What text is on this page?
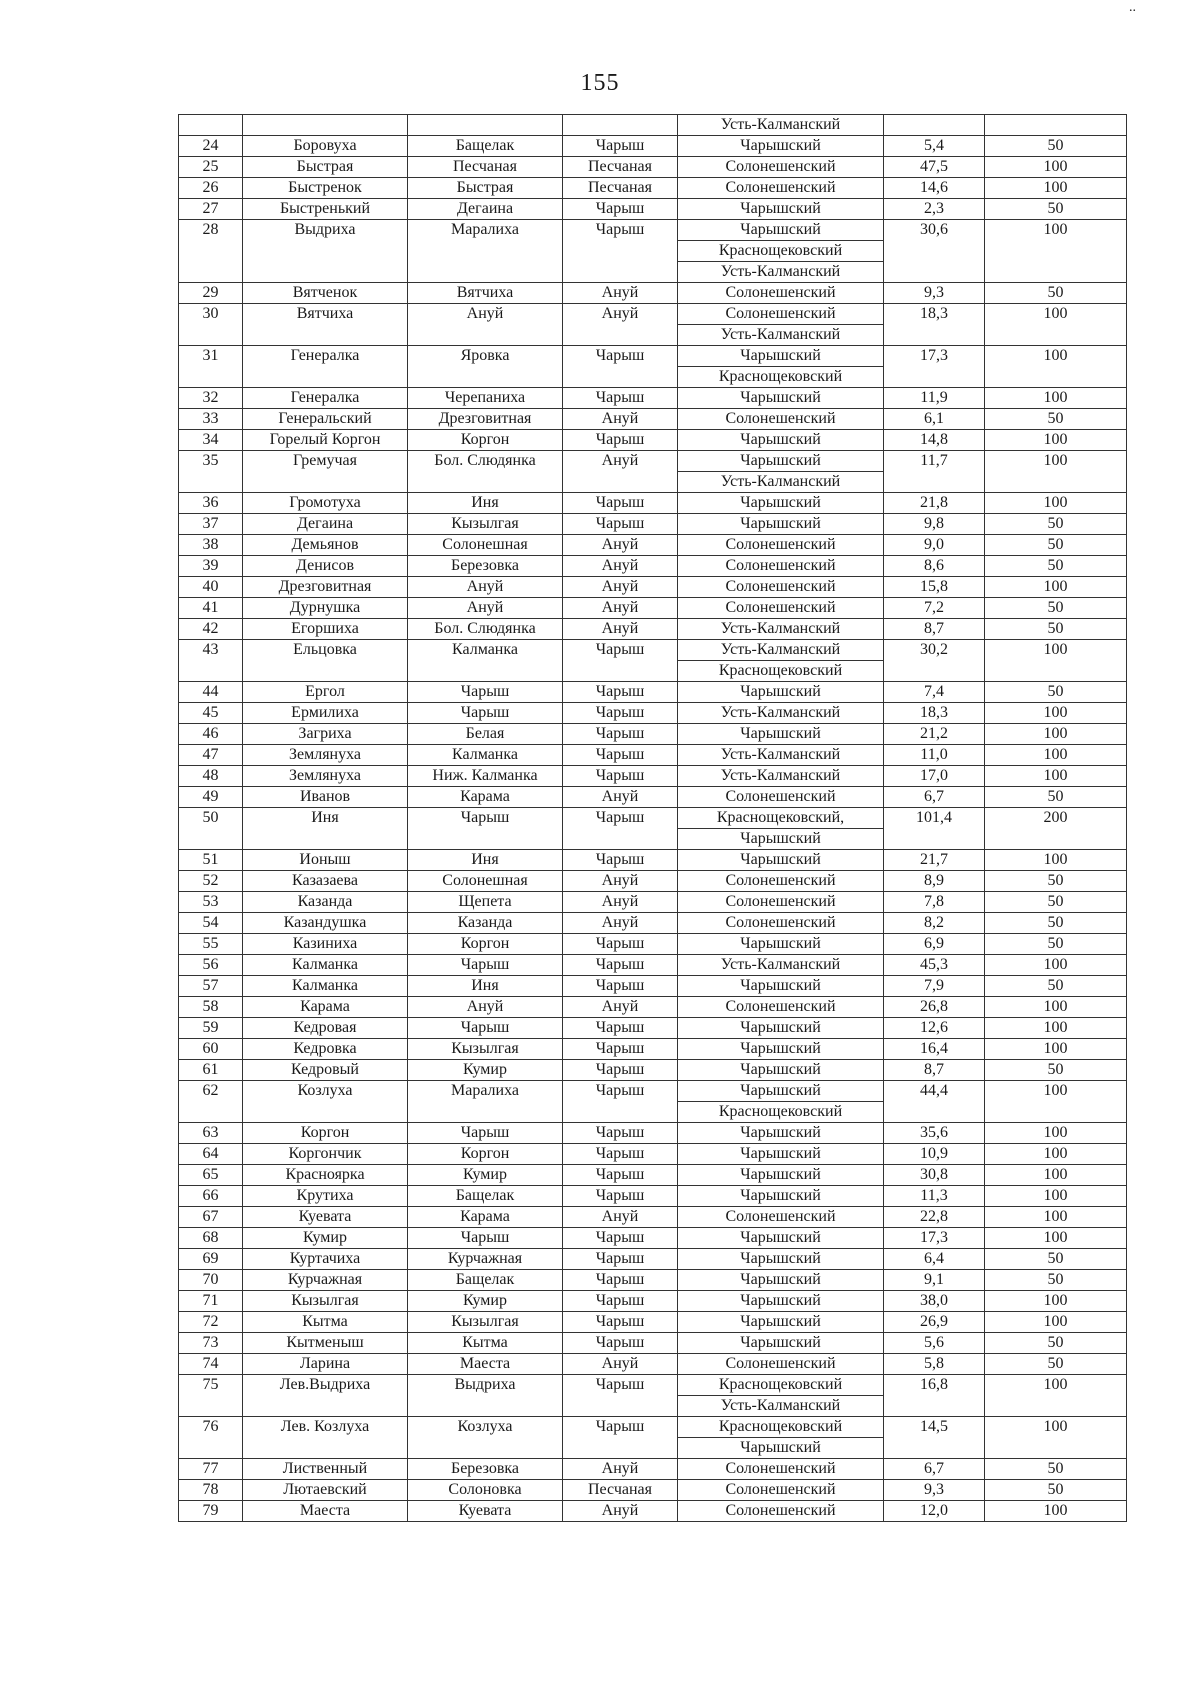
155
..
				Усть-Калманский		
24	Боровуха	Бащелак	Чарыш	Чарышский	5,4	50
25	Быстрая	Песчаная	Песчаная	Солонешенский	47,5	100
26	Быстренок	Быстрая	Песчаная	Солонешенский	14,6	100
27	Быстренький	Дегаина	Чарыш	Чарышский	2,3	50
28	Выдриха	Маралиха	Чарыш	Чарышский	30,6	100
				Краснощековский		
				Усть-Калманский		
29	Вятченок	Вятчиха	Ануй	Солонешенский	9,3	50
30	Вятчиха	Ануй	Ануй	Солонешенский	18,3	100
				Усть-Калманский		
31	Генералка	Яровка	Чарыш	Чарышский	17,3	100
				Краснощековский		
32	Генералка	Черепаниха	Чарыш	Чарышский	11,9	100
33	Генеральский	Дрезговитная	Ануй	Солонешенский	6,1	50
34	Горелый Коргон	Коргон	Чарыш	Чарышский	14,8	100
35	Гремучая	Бол. Слюдянка	Ануй	Чарышский	11,7	100
				Усть-Калманский		
36	Громотуха	Иня	Чарыш	Чарышский	21,8	100
37	Дегаина	Кызылгая	Чарыш	Чарышский	9,8	50
38	Демьянов	Солонешная	Ануй	Солонешенский	9,0	50
39	Денисов	Березовка	Ануй	Солонешенский	8,6	50
40	Дрезговитная	Ануй	Ануй	Солонешенский	15,8	100
41	Дурнушка	Ануй	Ануй	Солонешенский	7,2	50
42	Егоршиха	Бол. Слюдянка	Ануй	Усть-Калманский	8,7	50
43	Ельцовка	Калманка	Чарыш	Усть-Калманский	30,2	100
				Краснощековский		
44	Ергол	Чарыш	Чарыш	Чарышский	7,4	50
45	Ермилиха	Чарыш	Чарыш	Усть-Калманский	18,3	100
46	Загриха	Белая	Чарыш	Чарышский	21,2	100
47	Землянуха	Калманка	Чарыш	Усть-Калманский	11,0	100
48	Землянуха	Ниж. Калманка	Чарыш	Усть-Калманский	17,0	100
49	Иванов	Карама	Ануй	Солонешенский	6,7	50
50	Иня	Чарыш	Чарыш	Краснощековский,	101,4	200
				Чарышский		
51	Ионыш	Иня	Чарыш	Чарышский	21,7	100
52	Казазаева	Солонешная	Ануй	Солонешенский	8,9	50
53	Казанда	Щепета	Ануй	Солонешенский	7,8	50
54	Казандушка	Казанда	Ануй	Солонешенский	8,2	50
55	Казиниха	Коргон	Чарыш	Чарышский	6,9	50
56	Калманка	Чарыш	Чарыш	Усть-Калманский	45,3	100
57	Калманка	Иня	Чарыш	Чарышский	7,9	50
58	Карама	Ануй	Ануй	Солонешенский	26,8	100
59	Кедровая	Чарыш	Чарыш	Чарышский	12,6	100
60	Кедровка	Кызылгая	Чарыш	Чарышский	16,4	100
61	Кедровый	Кумир	Чарыш	Чарышский	8,7	50
62	Козлуха	Маралиха	Чарыш	Чарышский	44,4	100
				Краснощековский		
63	Коргон	Чарыш	Чарыш	Чарышский	35,6	100
64	Коргончик	Коргон	Чарыш	Чарышский	10,9	100
65	Красноярка	Кумир	Чарыш	Чарышский	30,8	100
66	Крутиха	Бащелак	Чарыш	Чарышский	11,3	100
67	Куевата	Карама	Ануй	Солонешенский	22,8	100
68	Кумир	Чарыш	Чарыш	Чарышский	17,3	100
69	Куртачиха	Курчажная	Чарыш	Чарышский	6,4	50
70	Курчажная	Бащелак	Чарыш	Чарышский	9,1	50
71	Кызылгая	Кумир	Чарыш	Чарышский	38,0	100
72	Кытма	Кызылгая	Чарыш	Чарышский	26,9	100
73	Кытменыш	Кытма	Чарыш	Чарышский	5,6	50
74	Ларина	Маеста	Ануй	Солонешенский	5,8	50
75	Лев.Выдриха	Выдриха	Чарыш	Краснощековский	16,8	100
				Усть-Калманский		
76	Лев. Козлуха	Козлуха	Чарыш	Краснощековский	14,5	100
				Чарышский		
77	Лиственный	Березовка	Ануй	Солонешенский	6,7	50
78	Лютаевский	Солоновка	Песчаная	Солонешенский	9,3	50
79	Маеста	Куевата	Ануй	Солонешенский	12,0	100
